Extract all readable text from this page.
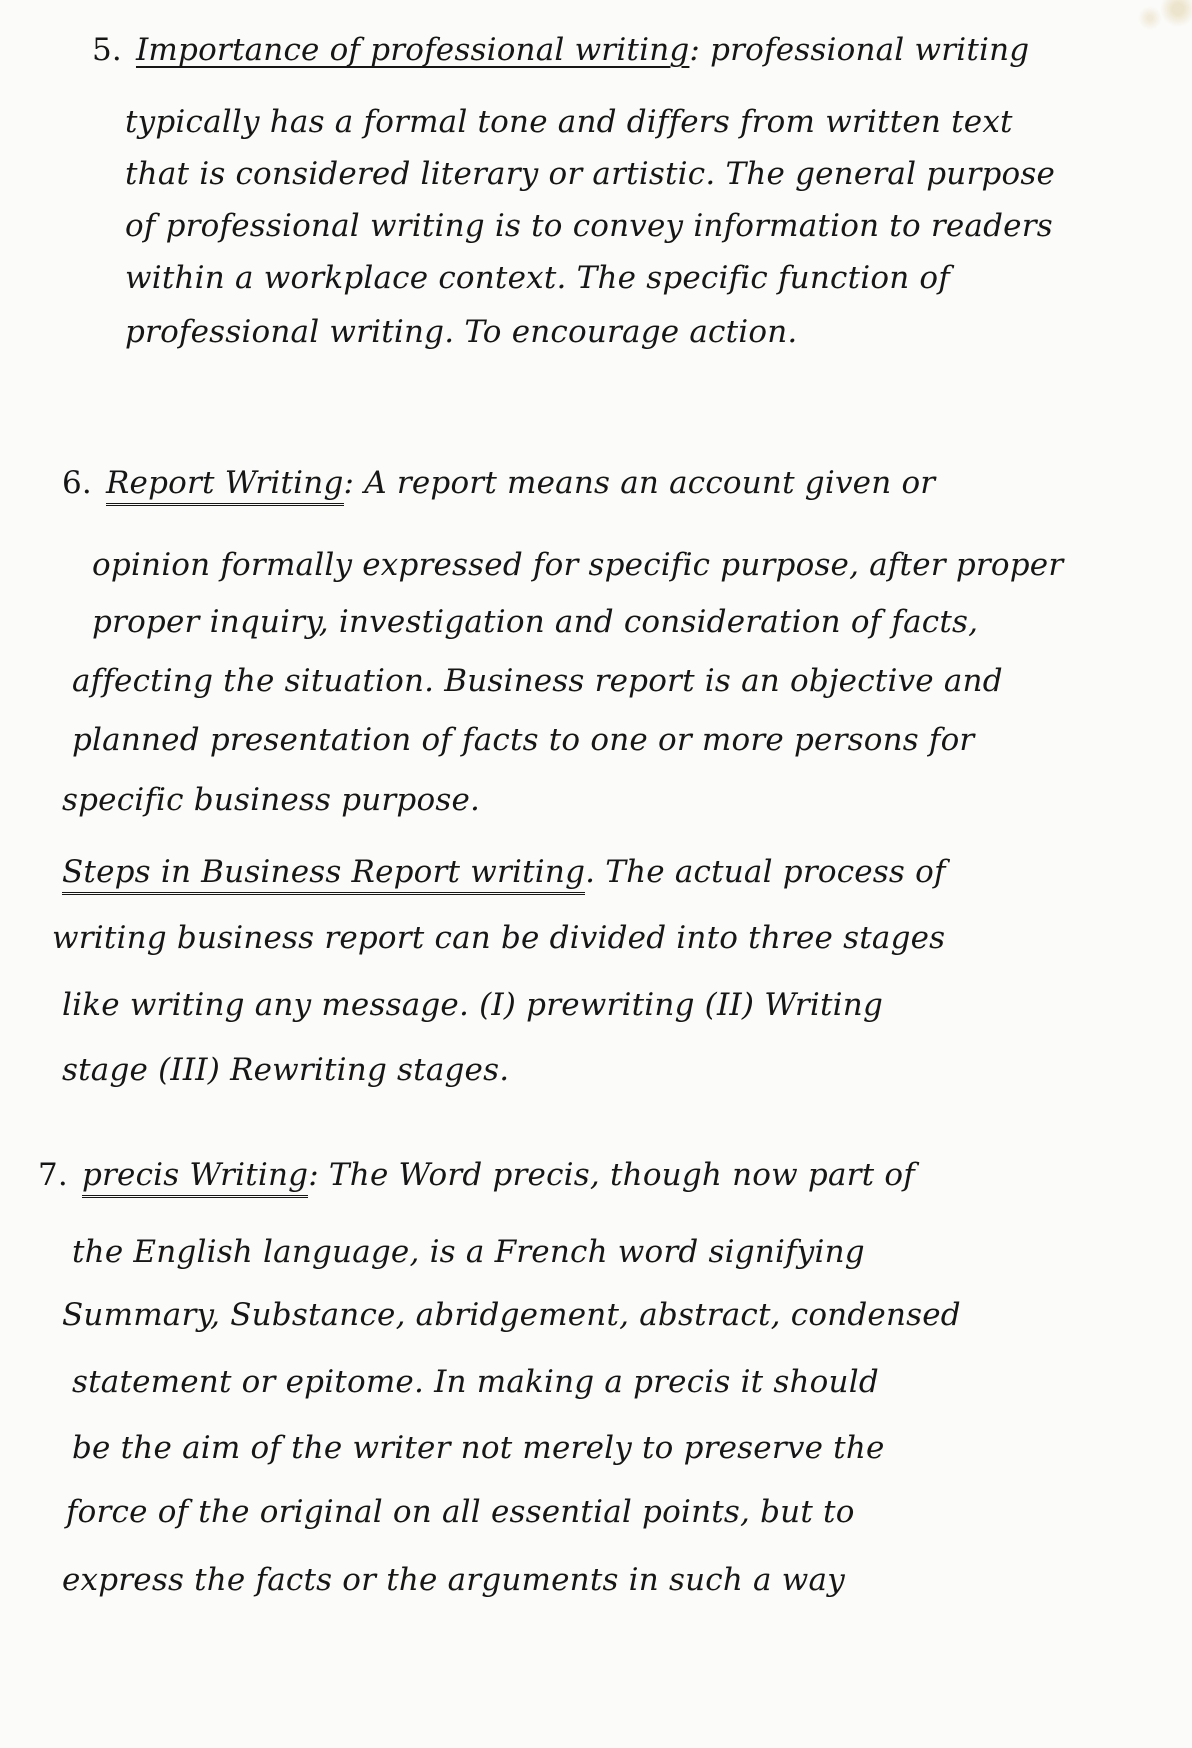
5. Importance of professional writing: professional writing
typically has a formal tone and differs from written text
that is considered literary or artistic. The general purpose
of professional writing is to convey information to readers
within a workplace context. The specific function of
professional writing. To encourage action.
6. Report Writing: A report means an account given or
opinion formally expressed for specific purpose, after proper
proper inquiry, investigation and consideration of facts,
affecting the situation. Business report is an objective and
planned presentation of facts to one or more persons for
specific business purpose.
Steps in Business Report writing. The actual process of
writing business report can be divided into three stages
like writing any message. (I) prewriting (II) Writing
stage (III) Rewriting stages.
7. precis Writing: The Word precis, though now part of
the English language, is a French word signifying
Summary, Substance, abridgement, abstract, condensed
statement or epitome. In making a precis it should
be the aim of the writer not merely to preserve the
force of the original on all essential points, but to
express the facts or the arguments in such a way
